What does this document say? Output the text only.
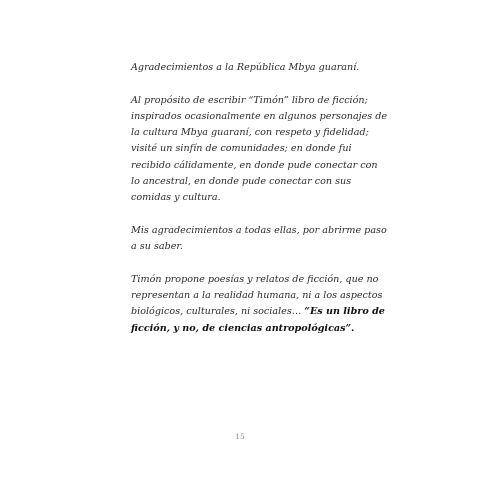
Agradecimientos a la República Mbya guaraní.

Al propósito de escribir “Timón” libro de ficción;
inspirados ocasionalmente en algunos personajes de
la cultura Mbya guaraní, con respeto y fidelidad;
visité un sinfín de comunidades; en donde fui
recibido cálidamente, en donde pude conectar con
lo ancestral, en donde pude conectar con sus
comidas y cultura.

Mis agradecimientos a todas ellas, por abrirme paso
a su saber.

Timón propone poesías y relatos de ficción, que no
representan a la realidad humana, ni a los aspectos
biológicos, culturales, ni sociales… “Es un libro de
ficción, y no, de ciencias antropológicas”.

15
